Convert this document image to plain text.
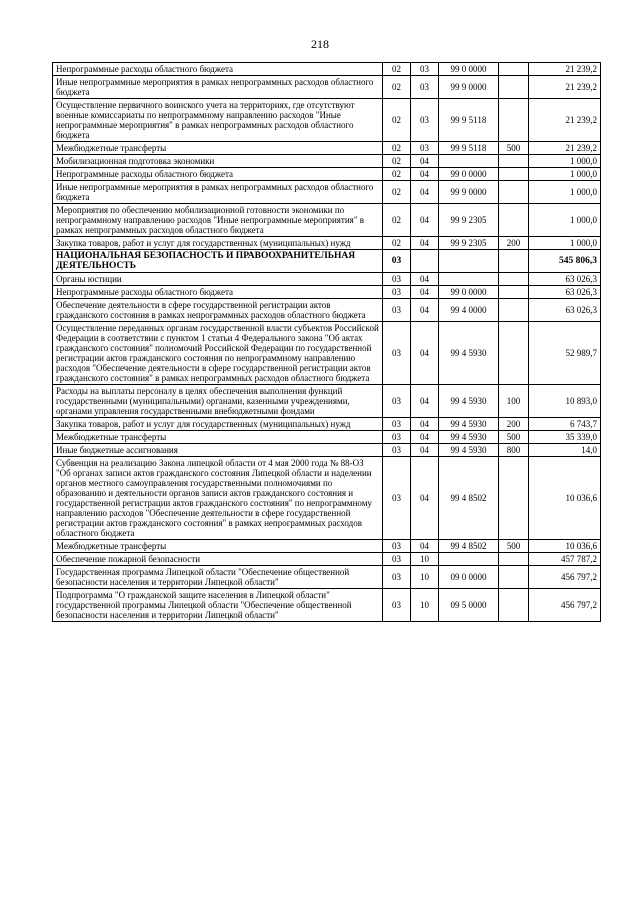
218
Непрограммные расходы областного бюджета	02	03	99 0 0000		21 239,2
Иные непрограммные мероприятия в рамках непрограммных расходов областного бюджета	02	03	99 9 0000		21 239,2
Осуществление первичного воинского учета на территориях, где отсутствуют военные комиссариаты по непрограммному направлению расходов "Иные непрограммные мероприятия" в рамках непрограммных расходов областного бюджета	02	03	99 9 5118		21 239,2
Межбюджетные трансферты	02	03	99 9 5118	500	21 239,2
Мобилизационная подготовка экономики	02	04			1 000,0
Непрограммные расходы областного бюджета	02	04	99 0 0000		1 000,0
Иные непрограммные мероприятия в рамках непрограммных расходов областного бюджета	02	04	99 9 0000		1 000,0
Мероприятия по обеспечению мобилизационной готовности экономики по непрограммному направлению расходов "Иные непрограммные мероприятия" в рамках непрограммных расходов областного бюджета	02	04	99 9 2305		1 000,0
Закупка товаров, работ и услуг для государственных (муниципальных) нужд	02	04	99 9 2305	200	1 000,0
НАЦИОНАЛЬНАЯ БЕЗОПАСНОСТЬ И ПРАВООХРАНИТЕЛЬНАЯ ДЕЯТЕЛЬНОСТЬ	03				545 806,3
Органы юстиции	03	04			63 026,3
Непрограммные расходы областного бюджета	03	04	99 0 0000		63 026,3
Обеспечение деятельности в сфере государственной регистрации актов гражданского состояния в рамках непрограммных расходов областного бюджета	03	04	99 4 0000		63 026,3
Осуществление переданных органам государственной власти субъектов Российской Федерации в соответствии с пунктом 1 статьи 4 Федерального закона "Об актах гражданского состояния" полномочий Российской Федерации по государственной регистрации актов гражданского состояния по непрограммному направлению расходов "Обеспечение деятельности в сфере государственной регистрации актов гражданского состояния" в рамках непрограммных расходов областного бюджета	03	04	99 4 5930		52 989,7
Расходы на выплаты персоналу в целях обеспечения выполнения функций государственными (муниципальными) органами, казенными учреждениями, органами управления государственными внебюджетными фондами	03	04	99 4 5930	100	10 893,0
Закупка товаров, работ и услуг для государственных (муниципальных) нужд	03	04	99 4 5930	200	6 743,7
Межбюджетные трансферты	03	04	99 4 5930	500	35 339,0
Иные бюджетные ассигнования	03	04	99 4 5930	800	14,0
Субвенция на реализацию Закона липецкой области от 4 мая 2000 года № 88-ОЗ "Об органах записи актов гражданского состояния Липецкой области и наделении органов местного самоуправления государственными полномочиями по образованию и деятельности органов записи актов гражданского состояния и государственной регистрации актов гражданского состояния" по непрограммному направлению расходов "Обеспечение деятельности в сфере государственной регистрации актов гражданского состояния" в рамках непрограммных расходов областного бюджета	03	04	99 4 8502		10 036,6
Межбюджетные трансферты	03	04	99 4 8502	500	10 036,6
Обеспечение пожарной безопасности	03	10			457 787,2
Государственная программа Липецкой области "Обеспечение общественной безопасности населения и территории Липецкой области"	03	10	09 0 0000		456 797,2
Подпрограмма "О гражданской защите населения в Липецкой области" государственной программы Липецкой области "Обеспечение общественной безопасности населения и территории Липецкой области"	03	10	09 5 0000		456 797,2
